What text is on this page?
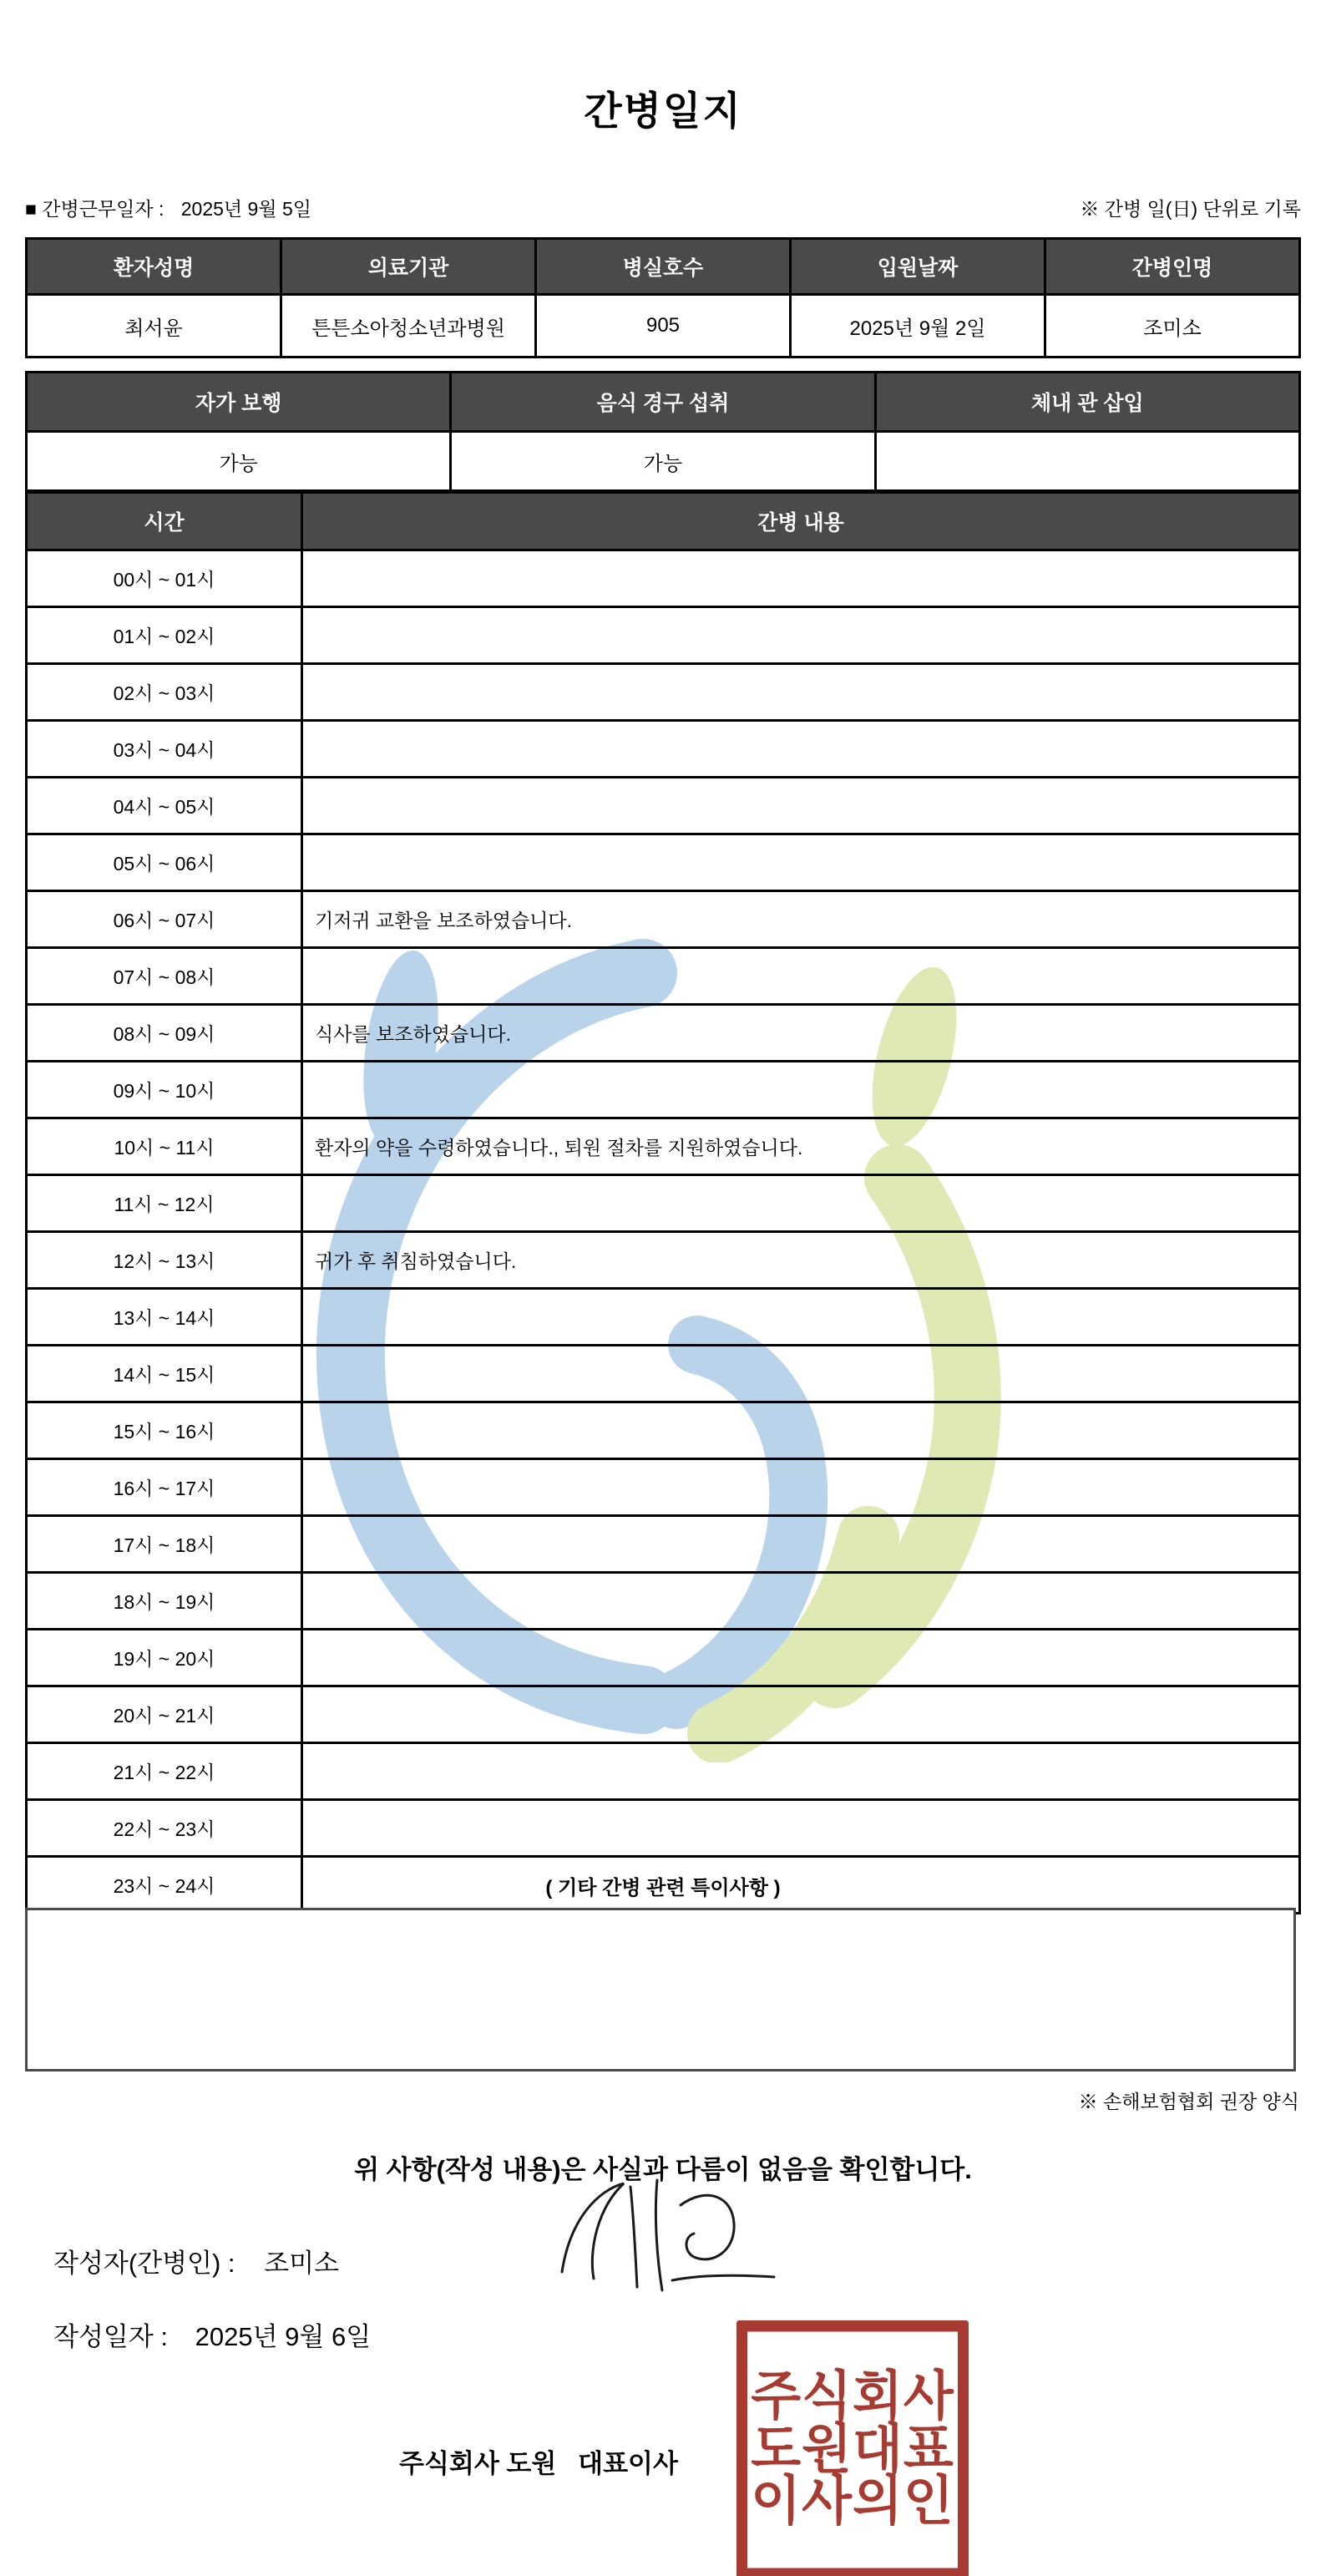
간병일지
■ 간병근무일자 : 2025년 9월 5일	※ 간병 일(日) 단위로 기록
환자성명	의료기관	병실호수	입원날짜	간병인명
최서윤	튼튼소아청소년과병원	905	2025년 9월 2일	조미소
자가 보행	음식 경구 섭취	체내 관 삽입
가능	가능	
시간	간병 내용
00시 ~ 01시	
01시 ~ 02시	
02시 ~ 03시	
03시 ~ 04시	
04시 ~ 05시	
05시 ~ 06시	
06시 ~ 07시	기저귀 교환을 보조하였습니다.
07시 ~ 08시	
08시 ~ 09시	식사를 보조하였습니다.
09시 ~ 10시	
10시 ~ 11시	환자의 약을 수령하였습니다., 퇴원 절차를 지원하였습니다.
11시 ~ 12시	
12시 ~ 13시	귀가 후 취침하였습니다.
13시 ~ 14시	
14시 ~ 15시	
15시 ~ 16시	
16시 ~ 17시	
17시 ~ 18시	
18시 ~ 19시	
19시 ~ 20시	
20시 ~ 21시	
21시 ~ 22시	
22시 ~ 23시	
23시 ~ 24시		( 기타 간병 관련 특이사항 )
※ 손해보험협회 권장 양식
위 사항(작성 내용)은 사실과 다름이 없음을 확인합니다.
작성자(간병인) : 조미소
작성일자 : 2025년 9월 6일
주식회사 도원   대표이사
주식회사
도원대표
이사의인
